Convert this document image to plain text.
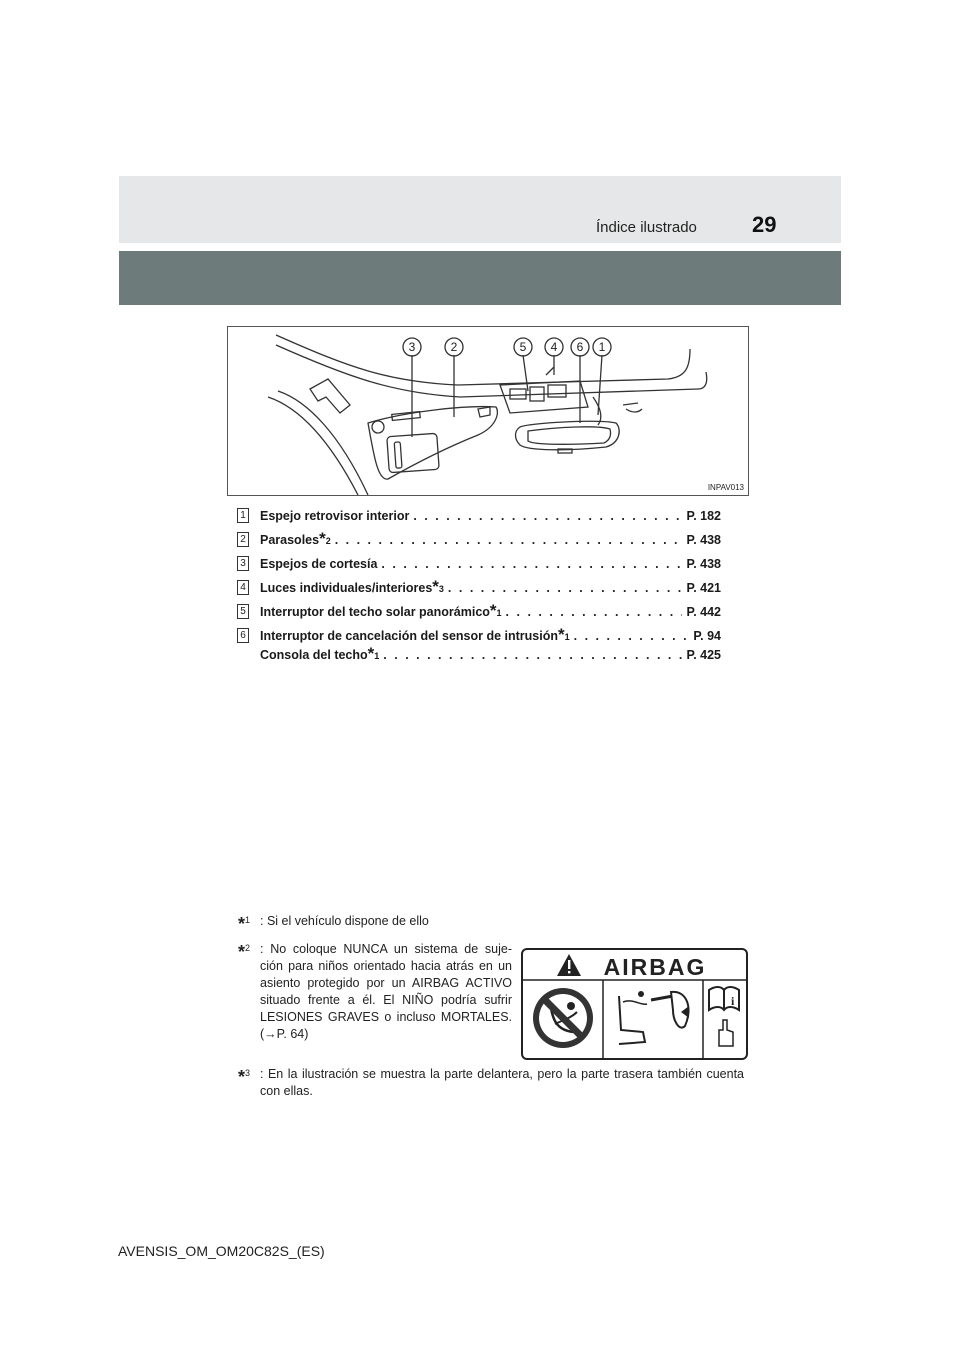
Índice ilustrado	29
3	2	5 4 6 1
INPAV013
1 Espejo retrovisor interior . . .	P. 182
2 Parasoles * 2 . . .	P. 438
3 Espejos de cortesía . . .	P. 438
4 Luces individuales/interiores * 3 . . .	P. 421
5 Interruptor del techo solar panorámico * 1 . . .	P. 442
6 Interruptor de cancelación del sensor de intrusión * 1 . . .	P. 94
Consola del techo * 1 . . .	P. 425
*$^1$ : Si el vehículo dispone de ello
*$^2$ : No coloque NUNCA un sistema de suje-ción para niños orientado hacia atrás en un asiento protegido por un AIRBAG ACTIVO situado frente a él. El NIÑO podría sufrir LESIONES GRAVES o incluso MORTALES. (→P. 64)
*$^3$ : En la ilustración se muestra la parte delantera, pero la parte trasera también cuenta con ellas.
AIRBAG
i
AVENSIS_OM_OM20C82S_(ES)
